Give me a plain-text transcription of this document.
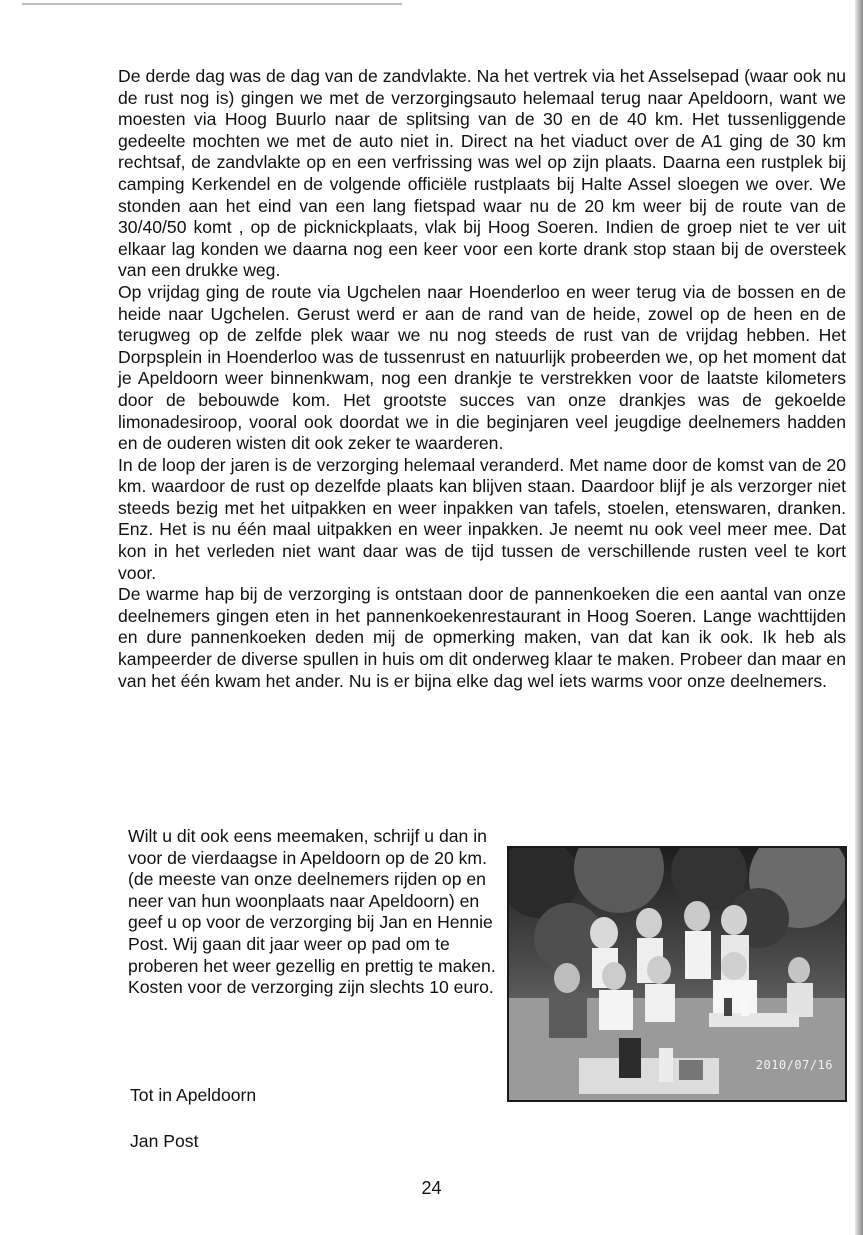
De derde dag was de dag van de zandvlakte. Na het vertrek via het Asselsepad (waar ook nu de rust nog is) gingen we met de verzorgingsauto helemaal terug naar Apeldoorn, want we moesten via Hoog Buurlo naar de splitsing van de 30 en de 40 km. Het tussenliggende gedeelte mochten we met de auto niet in. Direct na het viaduct over de A1 ging de 30 km rechtsaf, de zandvlakte op en een verfrissing was wel op zijn plaats. Daarna een rustplek bij camping Kerkendel en de volgende officiële rustplaats bij Halte Assel sloegen we over. We stonden aan het eind van een lang fietspad waar nu de 20 km weer bij de route van de 30/40/50 komt , op de picknickplaats, vlak bij Hoog Soeren. Indien de groep niet te ver uit elkaar lag konden we daarna nog een keer voor een korte drank stop staan bij de oversteek van een drukke weg.

Op vrijdag ging de route via Ugchelen naar Hoenderloo en weer terug via de bossen en de heide naar Ugchelen. Gerust werd er aan de rand van de heide, zowel op de heen en de terugweg op de zelfde plek waar we nu nog steeds de rust van de vrijdag hebben. Het Dorpsplein in Hoenderloo was de tussenrust en natuurlijk probeerden we, op het moment dat je Apeldoorn weer binnenkwam, nog een drankje te verstrekken voor de laatste kilometers door de bebouwde kom. Het grootste succes van onze drankjes was de gekoelde limonadesiroop, vooral ook doordat we in die beginjaren veel jeugdige deelnemers hadden en de ouderen wisten dit ook zeker te waarderen.

In de loop der jaren is de verzorging helemaal veranderd. Met name door de komst van de 20 km. waardoor de rust op dezelfde plaats kan blijven staan. Daardoor blijf je als verzorger niet steeds bezig met het uitpakken en weer inpakken van tafels, stoelen, etenswaren, dranken. Enz. Het is nu één maal uitpakken en weer inpakken. Je neemt nu ook veel meer mee. Dat kon in het verleden niet want daar was de tijd tussen de verschillende rusten veel te kort voor.

De warme hap bij de verzorging is ontstaan door de pannenkoeken die een aantal van onze deelnemers gingen eten in het pannenkoekenrestaurant in Hoog Soeren. Lange wachttijden en dure pannenkoeken deden mij de opmerking maken, van dat kan ik ook. Ik heb als kampeerder de diverse spullen in huis om dit onderweg klaar te maken. Probeer dan maar en van het één kwam het ander. Nu is er bijna elke dag wel iets warms voor onze deelnemers.

Wilt u dit ook eens meemaken, schrijf u dan in voor de vierdaagse in Apeldoorn op de 20 km. (de meeste van onze deelnemers rijden op en neer van hun woonplaats naar Apeldoorn) en geef u op voor de verzorging bij Jan en Hennie Post. Wij gaan dit jaar weer op pad om te proberen het weer gezellig en prettig te maken. Kosten voor de verzorging zijn slechts 10 euro.

2010/07/16
Tot in Apeldoorn
Jan Post
24
